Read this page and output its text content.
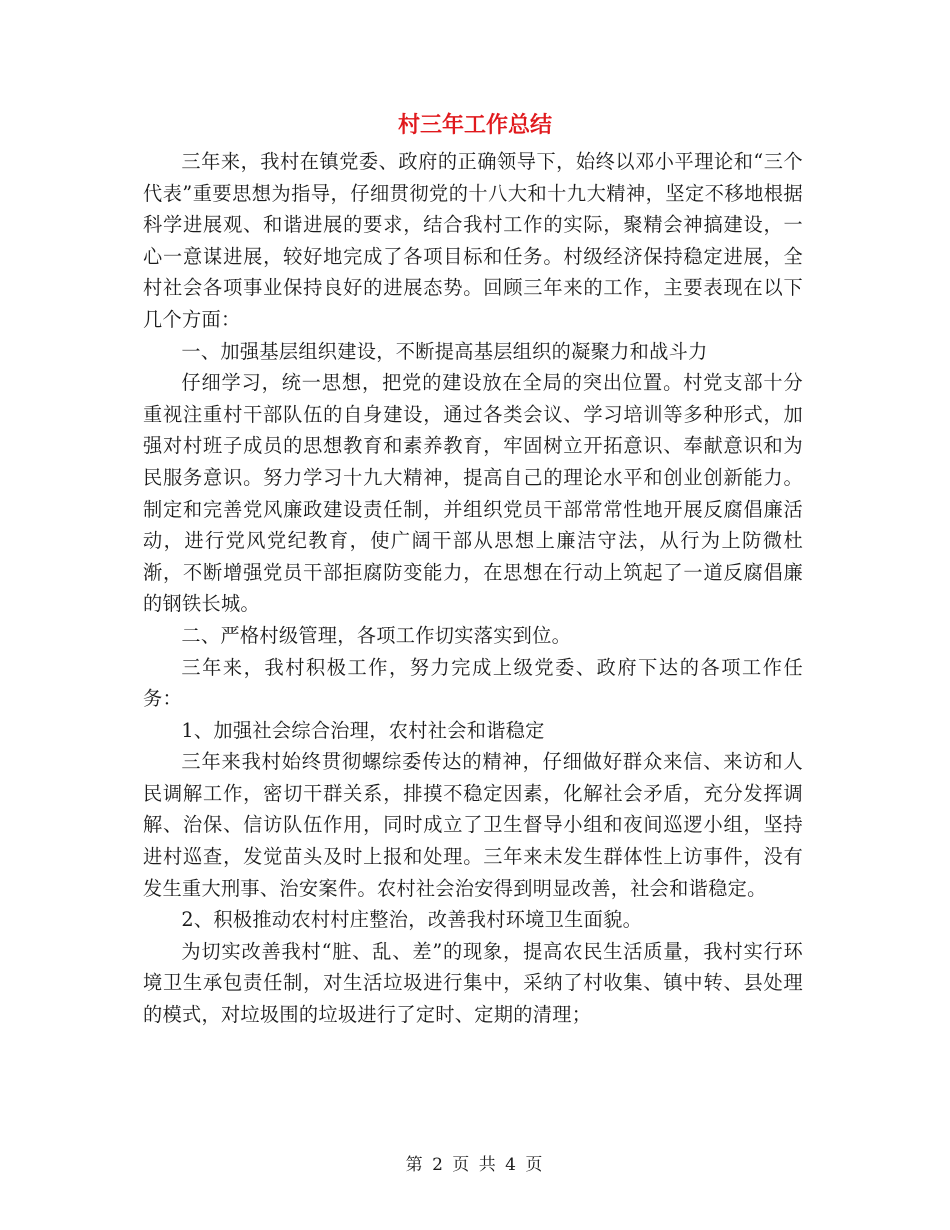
村三年工作总结

三年来，我村在镇党委、政府的正确领导下，始终以邓小平理论和“三个代表”重要思想为指导，仔细贯彻党的十八大和十九大精神，坚定不移地根据科学进展观、和谐进展的要求，结合我村工作的实际，聚精会神搞建设，一心一意谋进展，较好地完成了各项目标和任务。村级经济保持稳定进展，全村社会各项事业保持良好的进展态势。回顾三年来的工作，主要表现在以下几个方面：

一、加强基层组织建设，不断提高基层组织的凝聚力和战斗力

仔细学习，统一思想，把党的建设放在全局的突出位置。村党支部十分重视注重村干部队伍的自身建设，通过各类会议、学习培训等多种形式，加强对村班子成员的思想教育和素养教育，牢固树立开拓意识、奉献意识和为民服务意识。努力学习十九大精神，提高自己的理论水平和创业创新能力。制定和完善党风廉政建设责任制，并组织党员干部常常性地开展反腐倡廉活动，进行党风党纪教育，使广阔干部从思想上廉洁守法，从行为上防微杜渐，不断增强党员干部拒腐防变能力，在思想在行动上筑起了一道反腐倡廉的钢铁长城。

二、严格村级管理，各项工作切实落实到位。

三年来，我村积极工作，努力完成上级党委、政府下达的各项工作任务：

1、加强社会综合治理，农村社会和谐稳定

三年来我村始终贯彻螺综委传达的精神，仔细做好群众来信、来访和人民调解工作，密切干群关系，排摸不稳定因素，化解社会矛盾，充分发挥调解、治保、信访队伍作用，同时成立了卫生督导小组和夜间巡逻小组，坚持进村巡查，发觉苗头及时上报和处理。三年来未发生群体性上访事件，没有发生重大刑事、治安案件。农村社会治安得到明显改善，社会和谐稳定。

2、积极推动农村村庄整治，改善我村环境卫生面貌。

为切实改善我村“脏、乱、差”的现象，提高农民生活质量，我村实行环境卫生承包责任制，对生活垃圾进行集中，采纳了村收集、镇中转、县处理的模式，对垃圾围的垃圾进行了定时、定期的清理；

第 2 页 共 4 页
